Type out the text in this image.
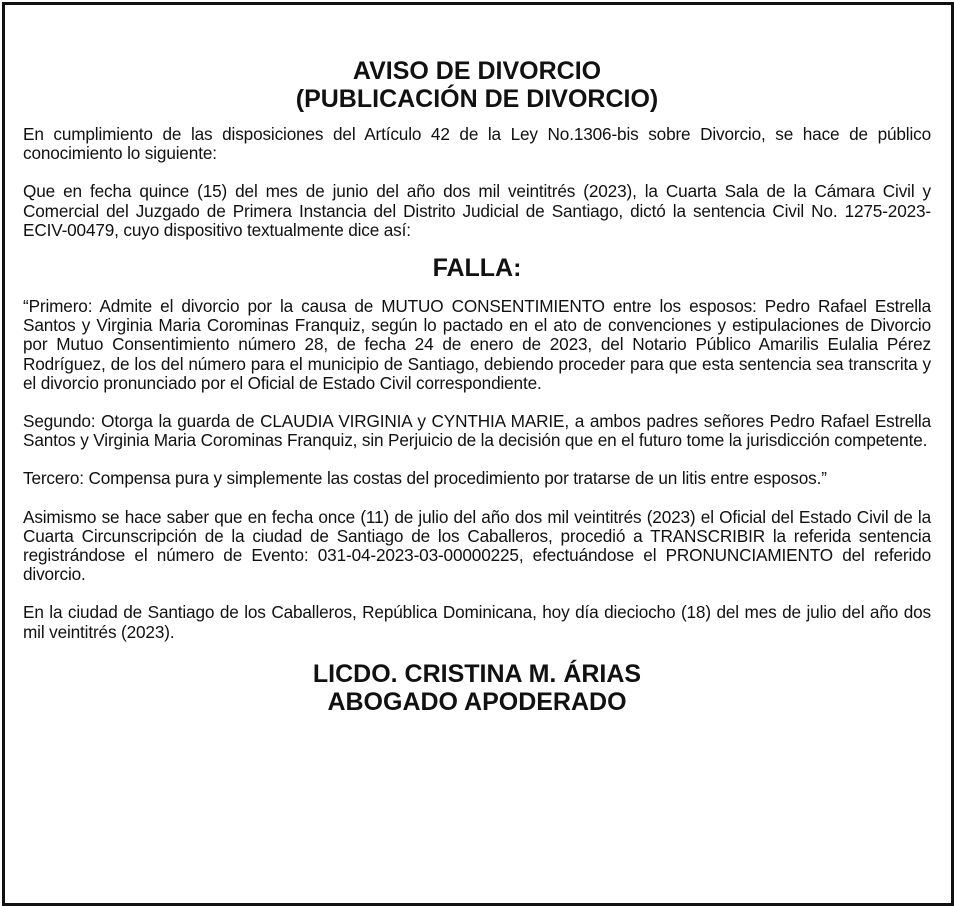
AVISO DE DIVORCIO
(PUBLICACIÓN DE DIVORCIO)

En cumplimiento de las disposiciones del Artículo 42 de la Ley No.1306-bis sobre Divorcio, se hace de público conocimiento lo siguiente:

Que en fecha quince (15) del mes de junio del año dos mil veintitrés (2023), la Cuarta Sala de la Cámara Civil y Comercial del Juzgado de Primera Instancia del Distrito Judicial de Santiago, dictó la sentencia Civil No. 1275-2023-ECIV-00479, cuyo dispositivo textualmente dice así:

FALLA:

“Primero: Admite el divorcio por la causa de MUTUO CONSENTIMIENTO entre los esposos: Pedro Rafael Estrella Santos y Virginia Maria Corominas Franquiz, según lo pactado en el ato de convenciones y estipulaciones de Divorcio por Mutuo Consentimiento número 28, de fecha 24 de enero de 2023, del Notario Público Amarilis Eulalia Pérez Rodríguez, de los del número para el municipio de Santiago, debiendo proceder para que esta sentencia sea transcrita y el divorcio pronunciado por el Oficial de Estado Civil correspondiente.

Segundo: Otorga la guarda de CLAUDIA VIRGINIA y CYNTHIA MARIE, a ambos padres señores Pedro Rafael Estrella Santos y Virginia Maria Corominas Franquiz, sin Perjuicio de la decisión que en el futuro tome la jurisdicción competente.

Tercero: Compensa pura y simplemente las costas del procedimiento por tratarse de un litis entre esposos.”

Asimismo se hace saber que en fecha once (11) de julio del año dos mil veintitrés (2023) el Oficial del Estado Civil de la Cuarta Circunscripción de la ciudad de Santiago de los Caballeros, procedió a TRANSCRIBIR la referida sentencia registrándose el número de Evento: 031-04-2023-03-00000225, efectuándose el PRONUNCIAMIENTO del referido divorcio.

En la ciudad de Santiago de los Caballeros, República Dominicana, hoy día dieciocho (18) del mes de julio del año dos mil veintitrés (2023).

LICDO. CRISTINA M. ÁRIAS

ABOGADO APODERADO
